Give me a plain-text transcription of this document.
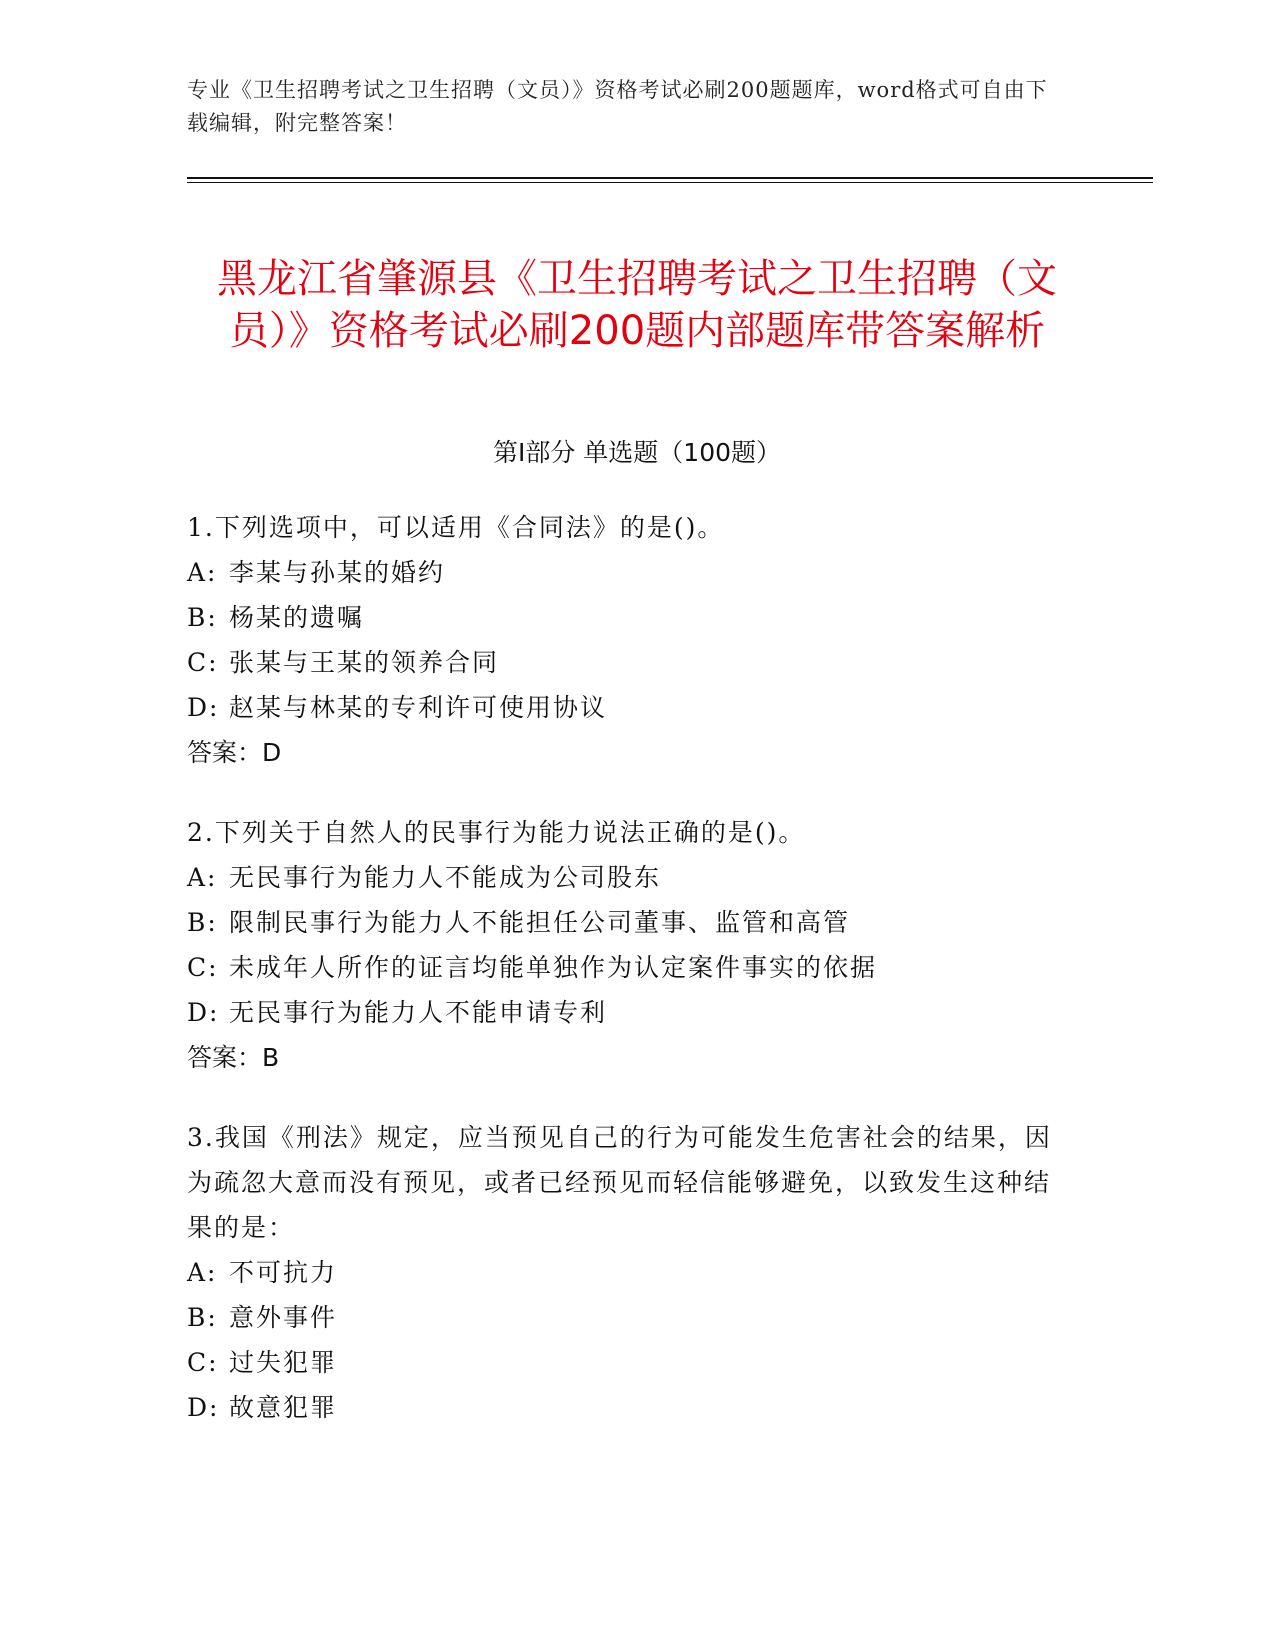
专业《卫生招聘考试之卫生招聘（文员）》资格考试必刷200题题库，word格式可自由下载编辑，附完整答案！
黑龙江省肇源县《卫生招聘考试之卫生招聘（文员）》资格考试必刷200题内部题库带答案解析
第Ⅰ部分 单选题（100题）

1.下列选项中，可以适用《合同法》的是()。

A: 李某与孙某的婚约

B: 杨某的遗嘱

C: 张某与王某的领养合同

D: 赵某与林某的专利许可使用协议

答案：D

2.下列关于自然人的民事行为能力说法正确的是()。

A: 无民事行为能力人不能成为公司股东

B: 限制民事行为能力人不能担任公司董事、监管和高管

C: 未成年人所作的证言均能单独作为认定案件事实的依据

D: 无民事行为能力人不能申请专利

答案：B

3.我国《刑法》规定，应当预见自己的行为可能发生危害社会的结果，因为疏忽大意而没有预见，或者已经预见而轻信能够避免，以致发生这种结果的是：

A: 不可抗力

B: 意外事件

C: 过失犯罪

D: 故意犯罪
